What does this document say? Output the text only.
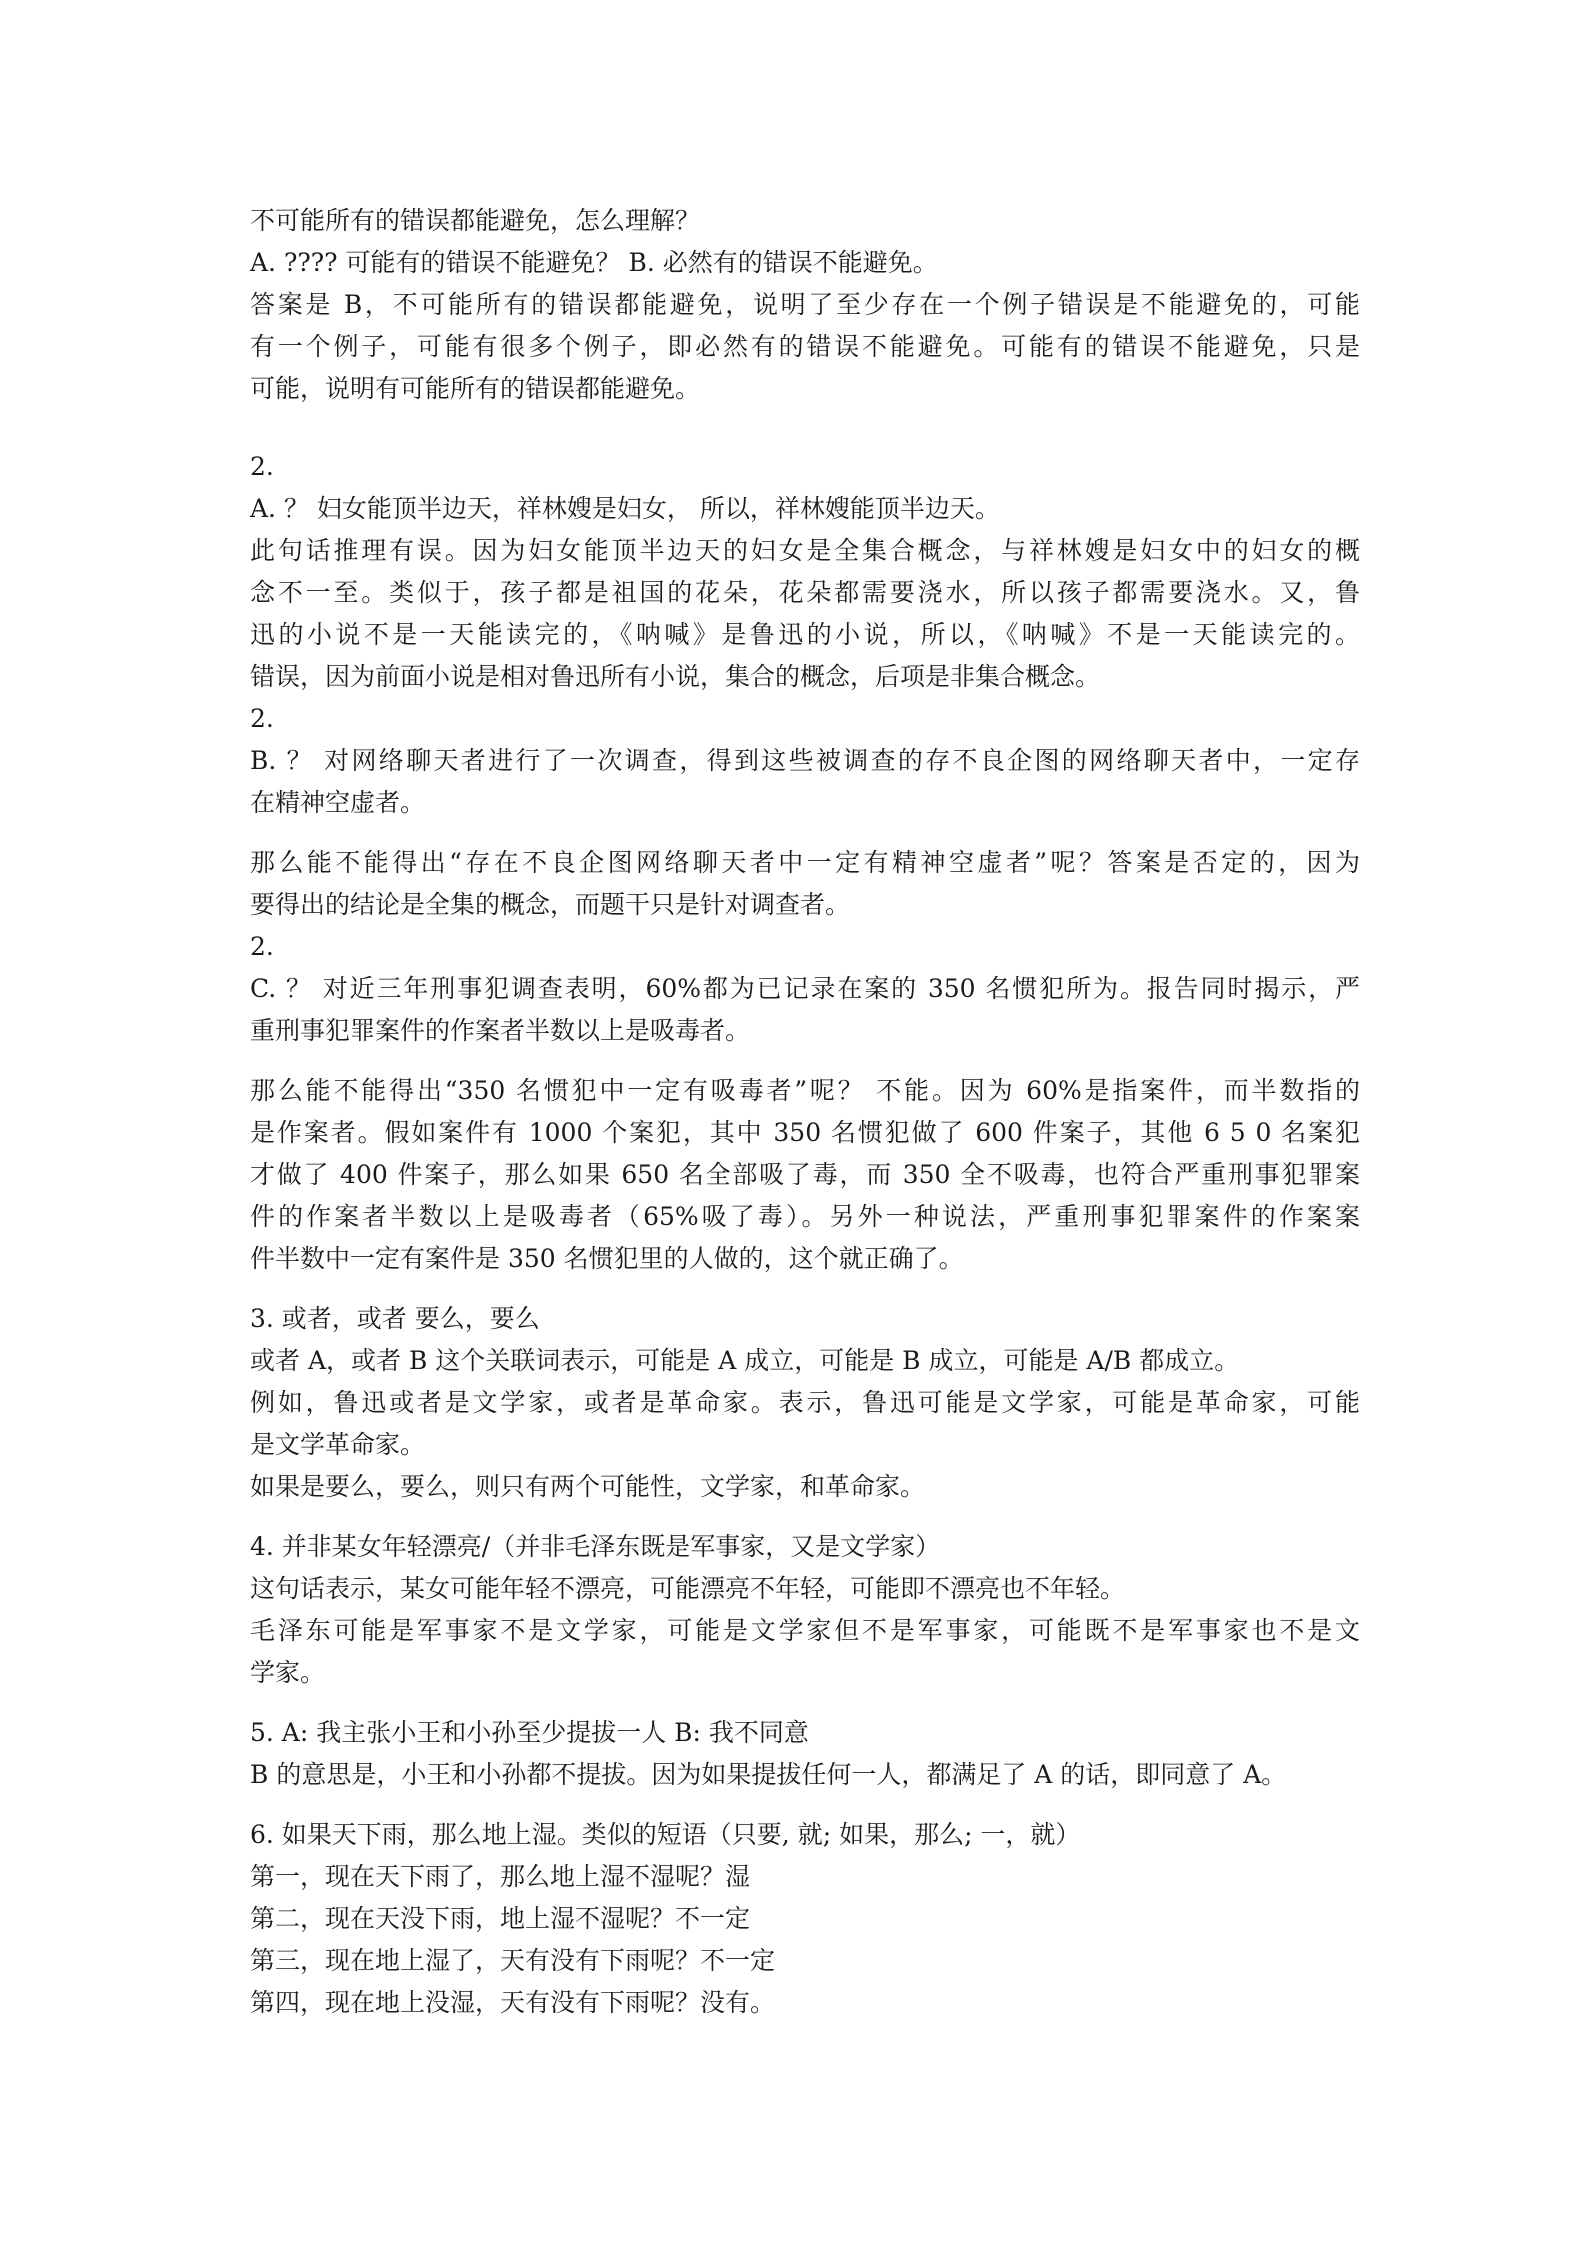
不可能所有的错误都能避免，怎么理解？
A. ???? 可能有的错误不能避免？ B. 必然有的错误不能避免。
答案是 B，不可能所有的错误都能避免，说明了至少存在一个例子错误是不能避免的，可能
有一个例子，可能有很多个例子，即必然有的错误不能避免。可能有的错误不能避免，只是
可能，说明有可能所有的错误都能避免。
2.
A. ？ 妇女能顶半边天，祥林嫂是妇女， 所以，祥林嫂能顶半边天。
此句话推理有误。因为妇女能顶半边天的妇女是全集合概念，与祥林嫂是妇女中的妇女的概
念不一至。类似于，孩子都是祖国的花朵，花朵都需要浇水，所以孩子都需要浇水。又，鲁
迅的小说不是一天能读完的，《呐喊》是鲁迅的小说，所以，《呐喊》不是一天能读完的。
错误，因为前面小说是相对鲁迅所有小说，集合的概念，后项是非集合概念。
2.
B. ？ 对网络聊天者进行了一次调查，得到这些被调查的存不良企图的网络聊天者中，一定存
在精神空虚者。
那么能不能得出“存在不良企图网络聊天者中一定有精神空虚者”呢？答案是否定的，因为
要得出的结论是全集的概念，而题干只是针对调查者。
2.
C. ？ 对近三年刑事犯调查表明，60%都为已记录在案的 350 名惯犯所为。报告同时揭示，严
重刑事犯罪案件的作案者半数以上是吸毒者。
那么能不能得出“350 名惯犯中一定有吸毒者”呢？ 不能。因为 60%是指案件，而半数指的
是作案者。假如案件有 1000 个案犯，其中 350 名惯犯做了 600 件案子，其他 6 5 0 名案犯
才做了 400 件案子，那么如果 650 名全部吸了毒，而 350 全不吸毒，也符合严重刑事犯罪案
件的作案者半数以上是吸毒者（65%吸了毒）。另外一种说法，严重刑事犯罪案件的作案案
件半数中一定有案件是 350 名惯犯里的人做的，这个就正确了。
3. 或者，或者 要么，要么
或者 A，或者 B 这个关联词表示，可能是 A 成立，可能是 B 成立，可能是 A/B 都成立。
例如，鲁迅或者是文学家，或者是革命家。表示，鲁迅可能是文学家，可能是革命家，可能
是文学革命家。
如果是要么，要么，则只有两个可能性，文学家，和革命家。
4. 并非某女年轻漂亮/（并非毛泽东既是军事家，又是文学家）
这句话表示，某女可能年轻不漂亮，可能漂亮不年轻，可能即不漂亮也不年轻。
毛泽东可能是军事家不是文学家，可能是文学家但不是军事家，可能既不是军事家也不是文
学家。
5. A: 我主张小王和小孙至少提拔一人 B: 我不同意
B 的意思是，小王和小孙都不提拔。因为如果提拔任何一人，都满足了 A 的话，即同意了 A。
6. 如果天下雨，那么地上湿。类似的短语（只要, 就; 如果，那么; 一，就）
第一，现在天下雨了，那么地上湿不湿呢？湿
第二，现在天没下雨，地上湿不湿呢？不一定
第三，现在地上湿了，天有没有下雨呢？不一定
第四，现在地上没湿，天有没有下雨呢？没有。
